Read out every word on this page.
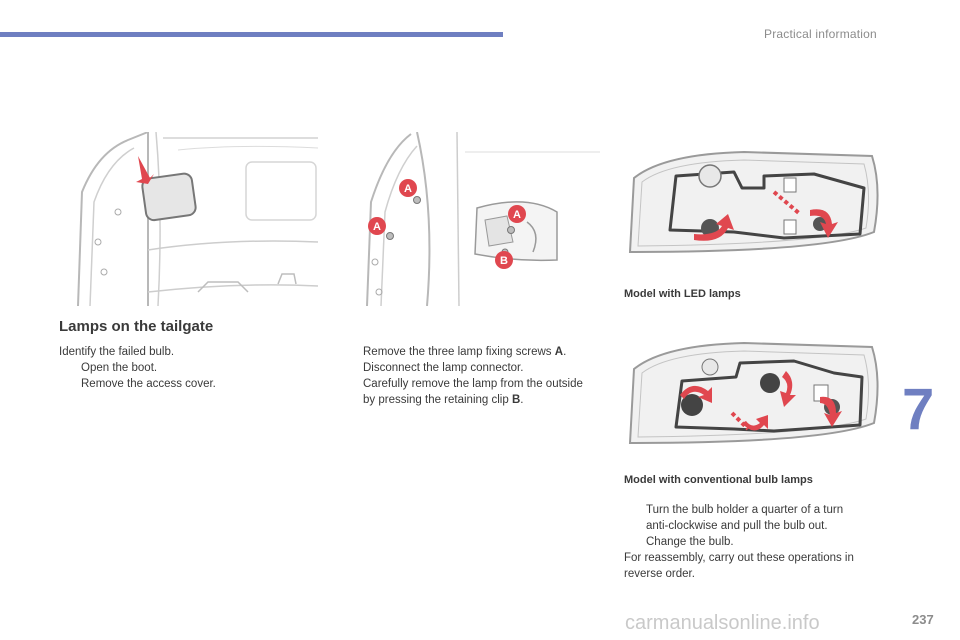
Practical information
A
A
A
B
Model with LED lamps
Model with conventional bulb lamps
Lamps on the tailgate
Identify the failed bulb.
Open the boot.
Remove the access cover.
Remove the three lamp fixing screws A.
Disconnect the lamp connector.
Carefully remove the lamp from the outside
by pressing the retaining clip B.
Turn the bulb holder a quarter of a turn
anti-clockwise and pull the bulb out.
Change the bulb.
For reassembly, carry out these operations in
reverse order.
7
237
carmanualsonline.info
